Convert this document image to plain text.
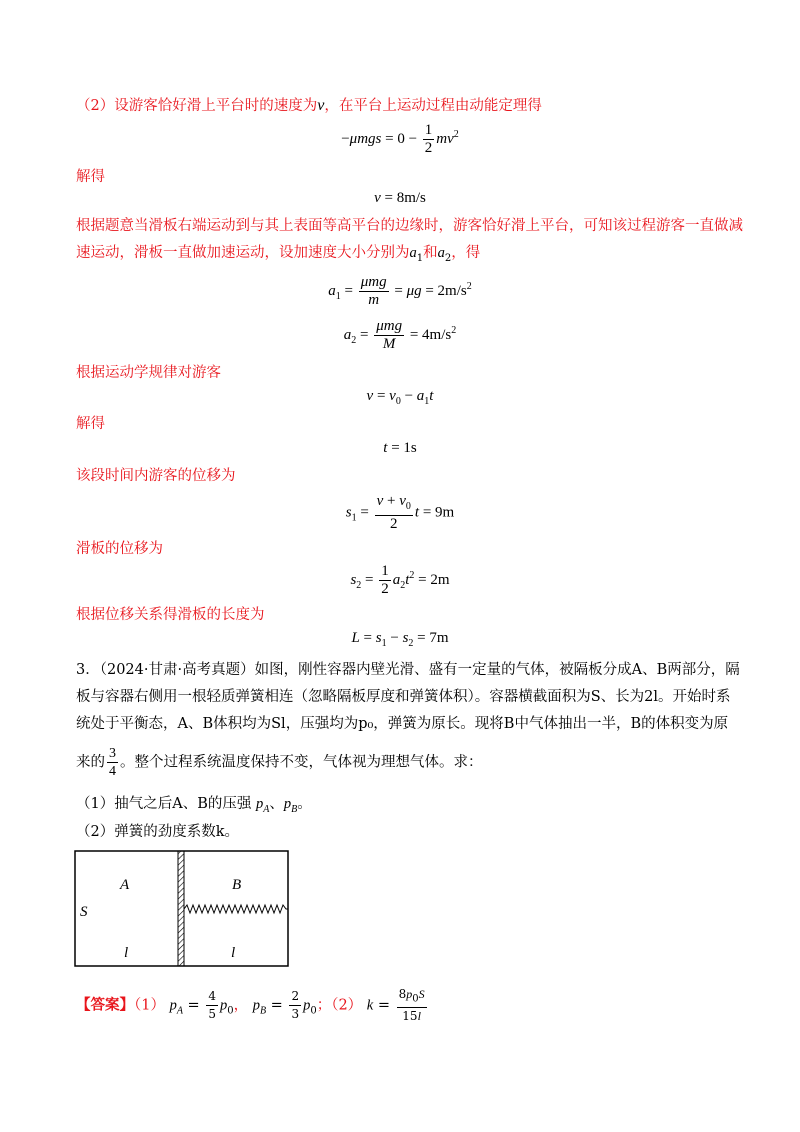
（2）设游客恰好滑上平台时的速度为v，在平台上运动过程由动能定理得
$-\mu mgs = 0 - \frac{1}{2} mv^2$
解得
v = 8m/s
根据题意当滑板右端运动到与其上表面等高平台的边缘时，游客恰好滑上平台，可知该过程游客一直做减
速运动，滑板一直做加速运动，设加速度大小分别为$a_1$和$a_2$，得
$a_1 = \frac{\text{μmg}}{m} = \mu g = 2m/s^2$
$a_2 = \frac{\text{μmg}}{M} = 4m/s^2$
根据运动学规律对游客
$v = v_0 - a_1t$
解得
t = 1s
该段时间内游客的位移为
$s_1 = \frac{v + v_0}{2}$ t = 9m
滑板的位移为
$s_2 = \frac{1}{2} a_2t^2 = 2m$
根据位移关系得滑板的长度为
$L = s_1 - s_2 = 7m$
3．（2024·甘肃·高考真题）如图，刚性容器内壁光滑、盛有一定量的气体，被隔板分成A、B两部分，隔
板与容器右侧用一根轻质弹簧相连（忽略隔板厚度和弹簧体积）。容器横截面积为S、长为2l。开始时系
统处于平衡态，A、B体积均为Sl，压强均为p₀，弹簧为原长。现将B中气体抽出一半，B的体积变为原
来的 $\frac{3}{4}$ 。整个过程系统温度保持不变，气体视为理想气体。求：
（1）抽气之后A、B的压强 $p_A$、$p_B$。
（2）弹簧的劲度系数k。
A	B
S
l	l
【答案】（1） $p_A = \frac{4}{5} p_0$， $p_B = \frac{2}{3} p_0$；（2） $k = \frac{8p_0S}{15l}$
